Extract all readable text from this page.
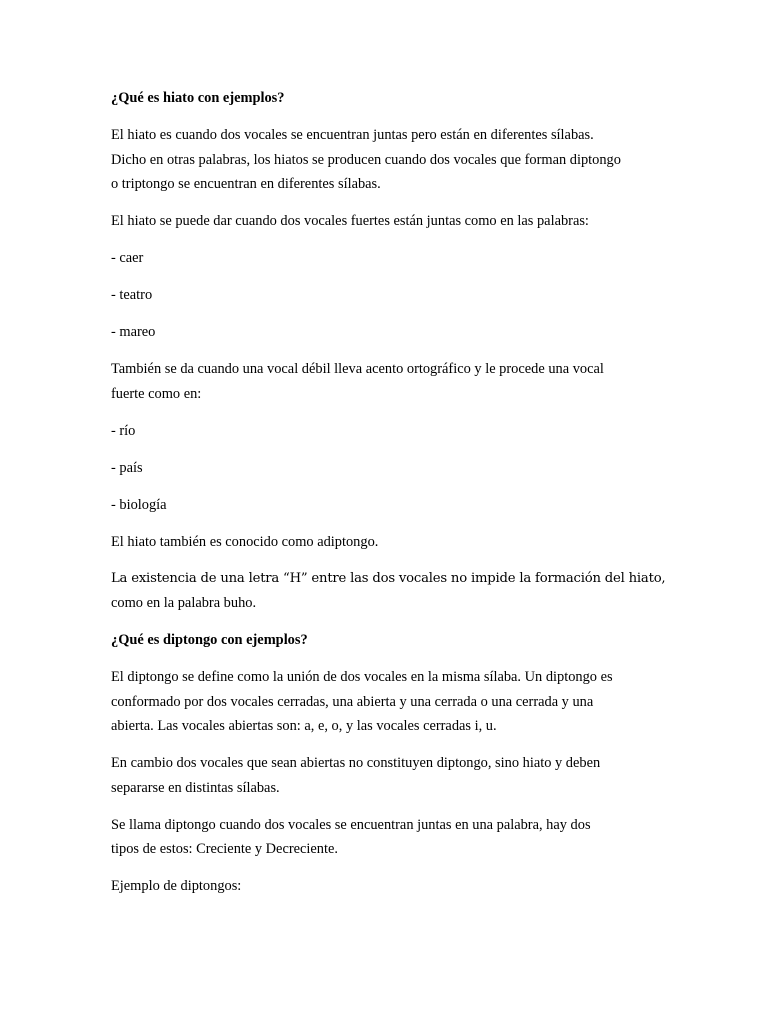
¿Qué es hiato con ejemplos?
El hiato es cuando dos vocales se encuentran juntas pero están en diferentes sílabas.
Dicho en otras palabras, los hiatos se producen cuando dos vocales que forman diptongo
o triptongo se encuentran en diferentes sílabas.
El hiato se puede dar cuando dos vocales fuertes están juntas como en las palabras:
- caer
- teatro
- mareo
También se da cuando una vocal débil lleva acento ortográfico y le procede una vocal
fuerte como en:
- río
- país
- biología
El hiato también es conocido como adiptongo.
La existencia de una letra “H” entre las dos vocales no impide la formación del hiato,
como en la palabra buho.
¿Qué es diptongo con ejemplos?
El diptongo se define como la unión de dos vocales en la misma sílaba. Un diptongo es
conformado por dos vocales cerradas, una abierta y una cerrada o una cerrada y una
abierta. Las vocales abiertas son: a, e, o, y las vocales cerradas i, u.
En cambio dos vocales que sean abiertas no constituyen diptongo, sino hiato y deben
separarse en distintas sílabas.
Se llama diptongo cuando dos vocales se encuentran juntas en una palabra, hay dos
tipos de estos: Creciente y Decreciente.
Ejemplo de diptongos:
